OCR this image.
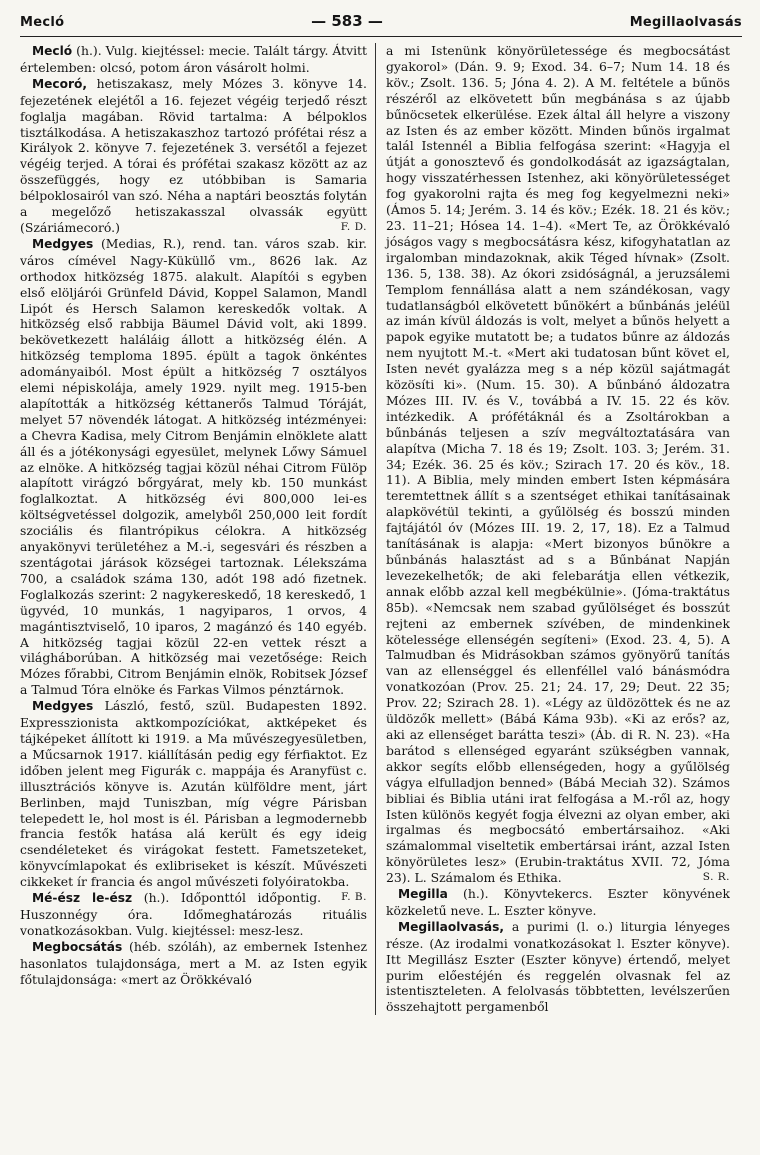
Mecló	— 583 —	Megillaolvasás

Mecló (h.). Vulg. kiejtéssel: mecie. Talált tárgy. Átvitt értelemben: olcsó, potom áron vásárolt holmi.

Mecoró, hetiszakasz, mely Mózes 3. könyve 14. fejezetének elejétől a 16. fejezet végéig terjedő részt foglalja magában. Rövid tartalma: A bélpoklos tisztálkodása. A hetiszakaszhoz tartozó prófétai rész a Királyok 2. könyve 7. fejezetének 3. versétől a fejezet végéig terjed. A tórai és prófétai szakasz között az az összefüggés, hogy ez utóbbiban is Samaria bélpoklosairól van szó. Néha a naptári beosztás folytán a megelőző hetiszakasszal olvassák együtt (Száriámecoró.)	F. D.

Medgyes (Medias, R.), rend. tan. város szab. kir. város címével Nagy-Küküllő vm., 8626 lak. Az orthodox hitközség 1875. alakult. Alapítói s egyben első elöljárói Grünfeld Dávid, Koppel Salamon, Mandl Lipót és Hersch Salamon kereskedők voltak. A hitközség első rabbija Bäumel Dávid volt, aki 1899. bekövetkezett haláláig állott a hitközség élén. A hitközség temploma 1895. épült a tagok önkéntes adományaiból. Most épült a hitközség 7 osztályos elemi népiskolája, amely 1929. nyilt meg. 1915-ben alapították a hitközség kéttanerős Talmud Tóráját, melyet 57 növendék látogat. A hitközség intézményei: a Chevra Kadisa, mely Citrom Benjámin elnöklete alatt áll és a jótékonysági egyesület, melynek Lőwy Sámuel az elnöke. A hitközség tagjai közül néhai Citrom Fülöp alapított virágzó bőrgyárat, mely kb. 150 munkást foglalkoztat. A hitközség évi 800,000 lei-es költségvetéssel dolgozik, amelyből 250,000 leit fordít szociális és filantrópikus célokra. A hitközség anyakönyvi területéhez a M.-i, segesvári és részben a szentágotai járások községei tartoznak. Lélekszáma 700, a családok száma 130, adót 198 adó fizetnek. Foglalkozás szerint: 2 nagykereskedő, 18 kereskedő, 1 ügyvéd, 10 munkás, 1 nagyiparos, 1 orvos, 4 magántisztviselő, 10 iparos, 2 magánzó és 140 egyéb. A hitközség tagjai közül 22-en vettek részt a világháborúban. A hitközség mai vezetősége: Reich Mózes főrabbi, Citrom Benjámin elnök, Robitsek József a Talmud Tóra elnöke és Farkas Vilmos pénztárnok.

Medgyes László, festő, szül. Budapesten 1892. Expresszionista aktkompozíciókat, aktképeket és tájképeket állított ki 1919. a Ma művészegyesületben, a Műcsarnok 1917. kiállításán pedig egy férfiaktot. Ez időben jelent meg Figurák c. mappája és Aranyfüst c. illusztrációs könyve is. Azután külföldre ment, járt Berlinben, majd Tuniszban, míg végre Párisban telepedett le, hol most is él. Párisban a legmodernebb francia festők hatása alá került és egy ideig csendéleteket és virágokat festett. Fametszeteket, könyvcímlapokat és exlibriseket is készít. Művészeti cikkeket ír francia és angol művészeti folyóiratokba.
F. B.

Mé-ész le-ész (h.). Időponttól időpontig. Huszonnégy óra. Időmeghatározás rituális vonatkozásokban. Vulg. kiejtéssel: mesz-lesz.

Megbocsátás (héb. szóláh), az embernek Istenhez hasonlatos tulajdonsága, mert a M. az Isten egyik főtulajdonsága: «mert az Örökkévaló

a mi Istenünk könyörületessége és megbocsátást gyakorol» (Dán. 9. 9; Exod. 34. 6–7; Num 14. 18 és köv.; Zsolt. 136. 5; Jóna 4. 2). A M. feltétele a bűnös részéről az elkövetett bűn megbánása s az újabb bűnöcsetek elkerülése. Ezek által áll helyre a viszony az Isten és az ember között. Minden bűnös irgalmat talál Istennél a Biblia felfogása szerint: «Hagyja el útját a gonosztevő és gondolkodását az igazságtalan, hogy visszatérhessen Istenhez, aki könyörületességet fog gyakorolni rajta és meg fog kegyelmezni neki» (Ámos 5. 14; Jerém. 3. 14 és köv.; Ezék. 18. 21 és köv.; 23. 11–21; Hósea 14. 1–4). «Mert Te, az Örökkévaló jóságos vagy s megbocsátásra kész, kifogyhatatlan az irgalomban mindazoknak, akik Téged hívnak» (Zsolt. 136. 5, 138. 38). Az ókori zsidóságnál, a jeruzsálemi Templom fennállása alatt a nem szándékosan, vagy tudatlanságból elkövetett bűnökért a bűnbánás jeléül az imán kívül áldozás is volt, melyet a bűnös helyett a papok egyike mutatott be; a tudatos bűnre az áldozás nem nyujtott M.-t. «Mert aki tudatosan bűnt követ el, Isten nevét gyalázza meg s a nép közül sajátmagát közösíti ki». (Num. 15. 30). A bűnbánó áldozatra Mózes III. IV. és V., továbbá a IV. 15. 22 és köv. intézkedik. A prófétáknál és a Zsoltárokban a bűnbánás teljesen a szív megváltoztatására van alapítva (Micha 7. 18 és 19; Zsolt. 103. 3; Jerém. 31. 34; Ezék. 36. 25 és köv.; Szirach 17. 20 és köv., 18. 11). A Biblia, mely minden embert Isten képmására teremtettnek állít s a szentséget ethikai tanításainak alapkövétül tekinti, a gyűlölség és bosszú minden fajtájától óv (Mózes III. 19. 2, 17, 18). Ez a Talmud tanításának is alapja: «Mert bizonyos bűnökre a bűnbánás halasztást ad s a Bűnbánat Napján levezekelhetők; de aki felebarátja ellen vétkezik, annak előbb azzal kell megbékülnie». (Jóma-traktátus 85b). «Nemcsak nem szabad gyűlölséget és bosszút rejteni az embernek szívében, de mindenkinek kötelessége ellenségén segíteni» (Exod. 23. 4, 5). A Talmudban és Midrásokban számos gyönyörű tanítás van az ellenséggel és ellenféllel való bánásmódra vonatkozóan (Prov. 25. 21; 24. 17, 29; Deut. 22 35; Prov. 22; Szirach 28. 1). «Légy az üldözöttek és ne az üldözők mellett» (Bábá Káma 93b). «Ki az erős? az, aki az ellenséget barátta teszi» (Áb. di R. N. 23). «Ha barátod s ellenséged egyaránt szükségben vannak, akkor segíts előbb ellenségeden, hogy a gyűlölség vágya elfulladjon benned» (Bábá Meciah 32). Számos bibliai és Biblia utáni irat felfogása a M.-ről az, hogy Isten különös kegyét fogja élvezni az olyan ember, aki irgalmas és megbocsátó embertársaihoz. «Aki számalommal viseltetik embertársai iránt, azzal Isten könyörületes lesz» (Erubin-traktátus XVII. 72, Jóma 23). L. Számalom és Ethika.	S. R.

Megilla (h.). Könyvtekercs. Eszter könyvének közkeletű neve. L. Eszter könyve.

Megillaolvasás, a purimi (l. o.) liturgia lényeges része. (Az irodalmi vonatkozásokat l. Eszter könyve). Itt Megillász Eszter (Eszter könyve) értendő, melyet purim előestéjén és reggelén olvasnak fel az istentiszteleten. A felolvasás többtetten, levélszerűen összehajtott pergamenből
